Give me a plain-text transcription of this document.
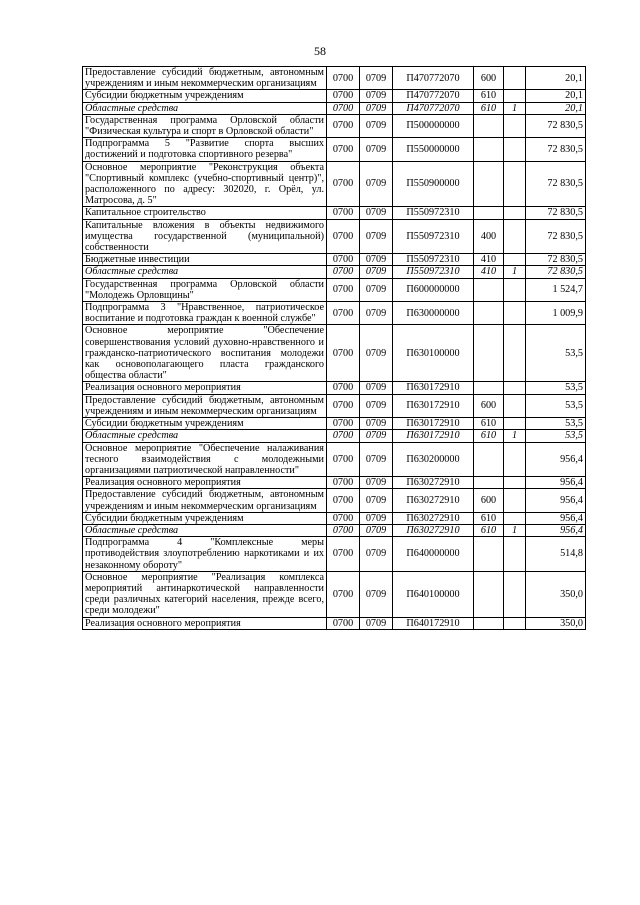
58
Предоставление субсидий бюджетным, автономным учреждениям и иным некоммерческим организациям	0700	0709	П470772070	600		20,1
Субсидии бюджетным учреждениям	0700	0709	П470772070	610		20,1
Областные средства	0700	0709	П470772070	610	1	20,1
Государственная программа Орловской области "Физическая культура и спорт в Орловской области"	0700	0709	П500000000			72 830,5
Подпрограмма 5 "Развитие спорта высших достижений и подготовка спортивного резерва"	0700	0709	П550000000			72 830,5
Основное мероприятие "Реконструкция объекта "Спортивный комплекс (учебно-спортивный центр)", расположенного по адресу: 302020, г. Орёл, ул. Матросова, д. 5"	0700	0709	П550900000			72 830,5
Капитальное строительство	0700	0709	П550972310			72 830,5
Капитальные вложения в объекты недвижимого имущества государственной (муниципальной) собственности	0700	0709	П550972310	400		72 830,5
Бюджетные инвестиции	0700	0709	П550972310	410		72 830,5
Областные средства	0700	0709	П550972310	410	1	72 830,5
Государственная программа Орловской области "Молодежь Орловщины"	0700	0709	П600000000			1 524,7
Подпрограмма 3 "Нравственное, патриотическое воспитание и подготовка граждан к военной службе"	0700	0709	П630000000			1 009,9
Основное мероприятие "Обеспечение совершенствования условий духовно-нравственного и гражданско-патриотического воспитания молодежи как основополагающего пласта гражданского общества области"	0700	0709	П630100000			53,5
Реализация основного мероприятия	0700	0709	П630172910			53,5
Предоставление субсидий бюджетным, автономным учреждениям и иным некоммерческим организациям	0700	0709	П630172910	600		53,5
Субсидии бюджетным учреждениям	0700	0709	П630172910	610		53,5
Областные средства	0700	0709	П630172910	610	1	53,5
Основное мероприятие "Обеспечение налаживания тесного взаимодействия с молодежными организациями патриотической направленности"	0700	0709	П630200000			956,4
Реализация основного мероприятия	0700	0709	П630272910			956,4
Предоставление субсидий бюджетным, автономным учреждениям и иным некоммерческим организациям	0700	0709	П630272910	600		956,4
Субсидии бюджетным учреждениям	0700	0709	П630272910	610		956,4
Областные средства	0700	0709	П630272910	610	1	956,4
Подпрограмма 4 "Комплексные меры противодействия злоупотреблению наркотиками и их незаконному обороту"	0700	0709	П640000000			514,8
Основное мероприятие "Реализация комплекса мероприятий антинаркотической направленности среди различных категорий населения, прежде всего, среди молодежи"	0700	0709	П640100000			350,0
Реализация основного мероприятия	0700	0709	П640172910			350,0
